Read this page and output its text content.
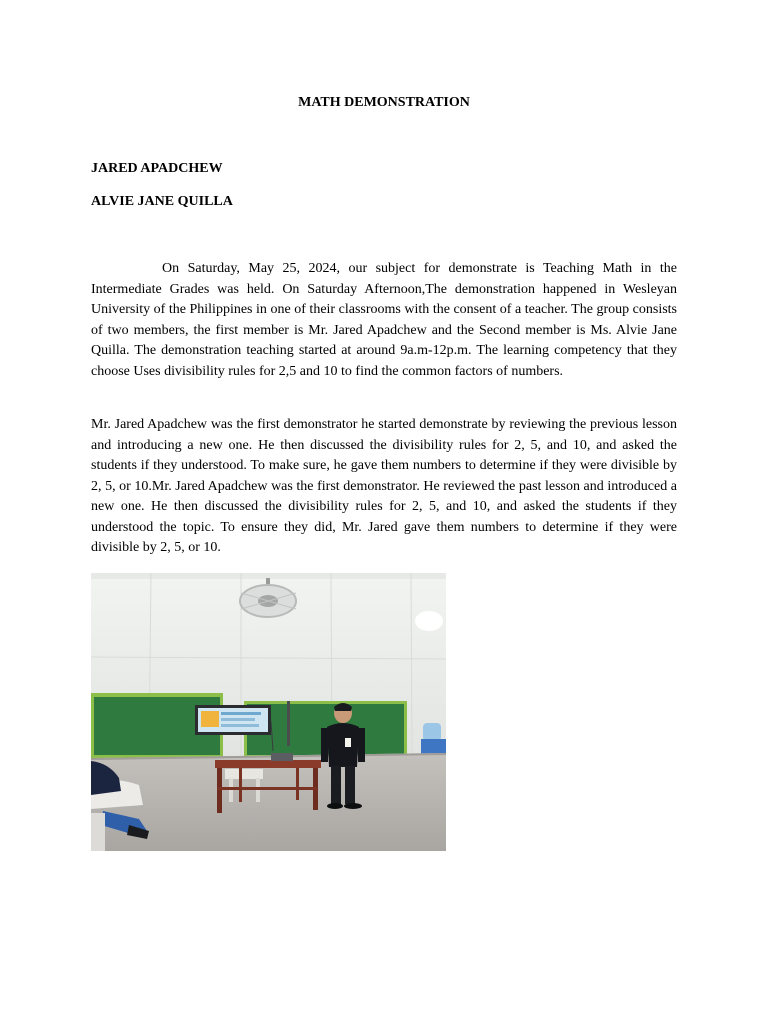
MATH DEMONSTRATION
JARED APADCHEW
ALVIE JANE QUILLA

On Saturday, May 25, 2024, our subject for demonstrate is Teaching Math in the Intermediate Grades was held. On Saturday Afternoon,The demonstration happened in Wesleyan University of the Philippines in one of their classrooms with the consent of a teacher. The group consists of two members, the first member is Mr. Jared Apadchew and the Second member is Ms. Alvie Jane Quilla. The demonstration teaching started at around 9a.m-12p.m. The learning competency that they choose Uses divisibility rules for 2,5 and 10 to find the common factors of numbers.

Mr. Jared Apadchew was the first demonstrator he started demonstrate by reviewing the previous lesson and introducing a new one. He then discussed the divisibility rules for 2, 5, and 10, and asked the students if they understood. To make sure, he gave them numbers to determine if they were divisible by 2, 5, or 10.Mr. Jared Apadchew was the first demonstrator. He reviewed the past lesson and introduced a new one. He then discussed the divisibility rules for 2, 5, and 10, and asked the students if they understood the topic. To ensure they did, Mr. Jared gave them numbers to determine if they were divisible by 2, 5, or 10.
